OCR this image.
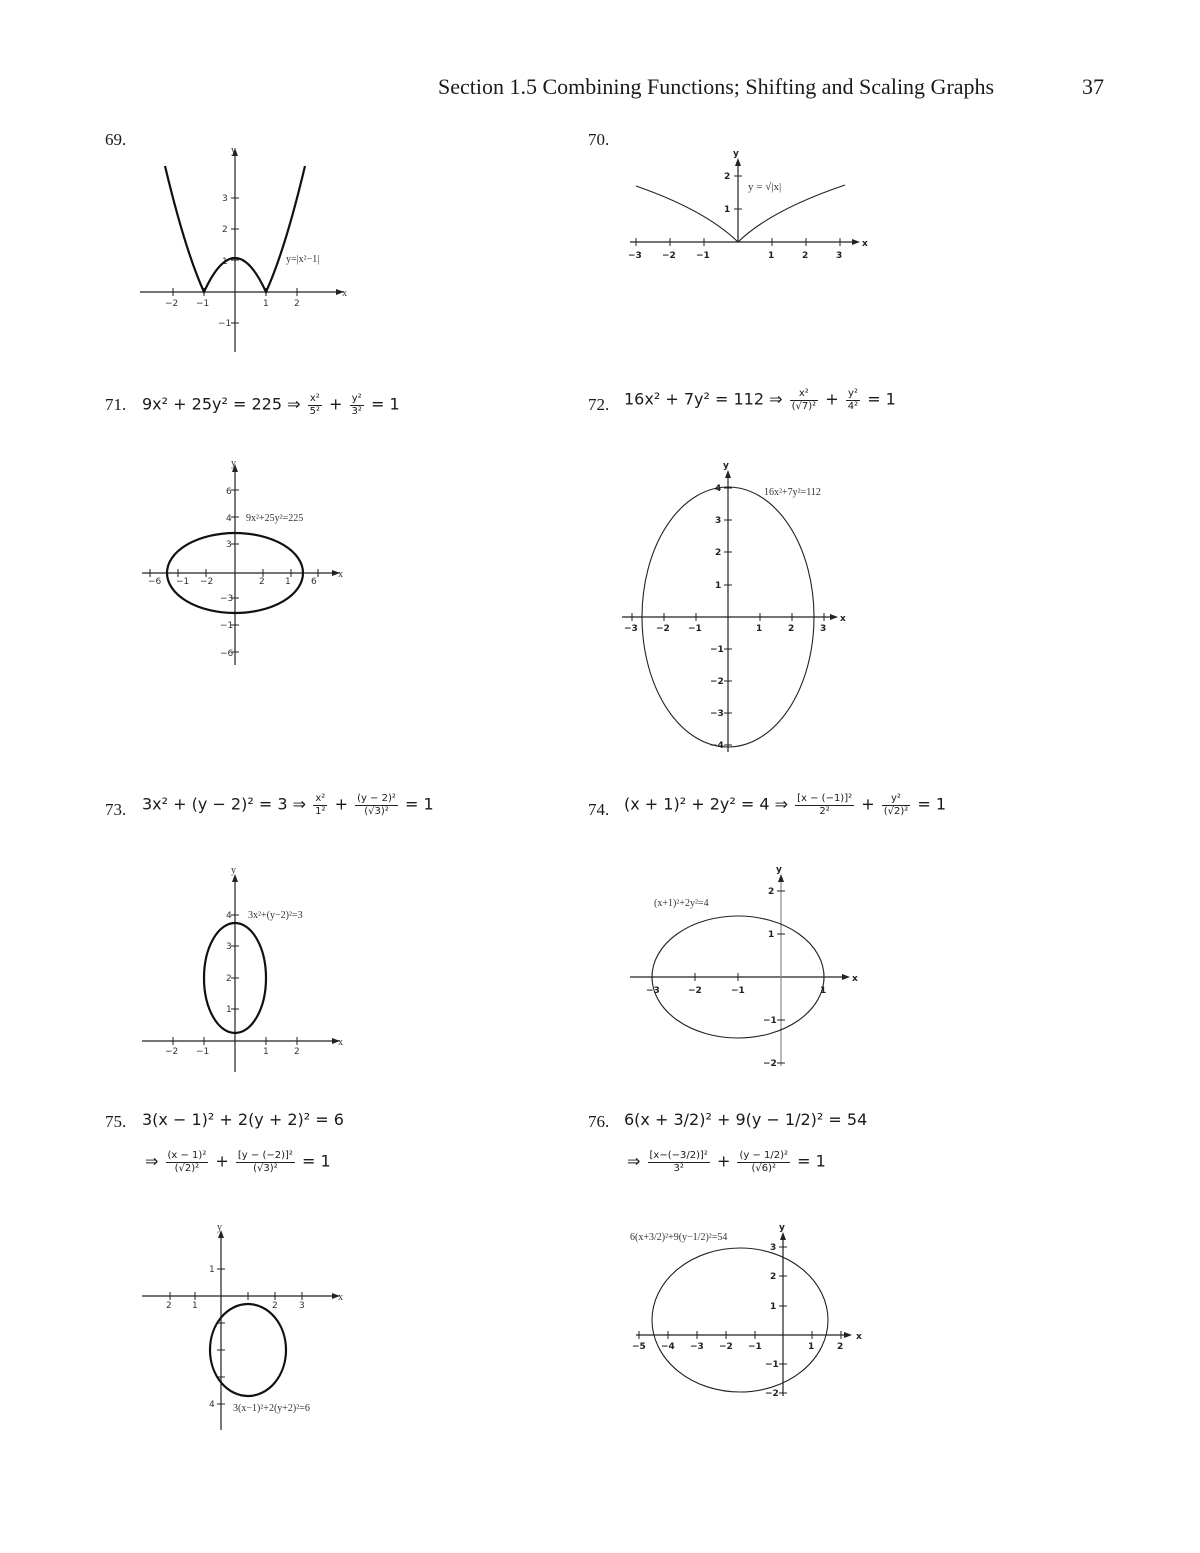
Section 1.5 Combining Functions; Shifting and Scaling Graphs	37
69.
x
y
−2 −1	1	2
3
2
1
−1
y=|x²−1|
70.
x
y
−3 −2 −1	1	2	3
2
1
y = √|x|
71. 9x² + 25y² = 225 ⇒ $\frac{\text{x²}}{\text{5²}} + \frac{\text{y²}}{\text{3²}} = 1$
x
y
−6 −1 −2	2 1 6
6
4
3
−3
−1
−6
9x²+25y²=225
72. 16x² + 7y² = 112 ⇒ $\frac{\text{x²}}{\text{(√7)²}} + \frac{\text{y²}}{\text{4²}} = 1$
x
y
−3 −2 −1	1	2	3
4
3
2
1
−1
−2
−3
−4
16x²+7y²=112
73. 3x² + (y − 2)² = 3 ⇒ $\frac{\text{x²}}{\text{1²}} + \frac{\text{(y − 2)²}}{\text{(√3)²}} = 1$
x
y
−2 −1	1	2
4
3
2
1
3x²+(y−2)²=3
74. (x + 1)² + 2y² = 4 ⇒ $\frac{\text{[x − (−1)]²}}{\text{2²}} + \frac{\text{y²}}{\text{(√2)²}} = 1$
x
y
−3	−2	−1	1
2
1
−1
−2
(x+1)²+2y²=4
75. 3(x − 1)² + 2(y + 2)² = 6
⇒ $\frac{\text{(x − 1)²}}{\text{(√2)²}} + \frac{\text{[y − (−2)]²}}{\text{(√3)²}} = 1$
x
y
2 1	2 3
1
4 3(x−1)²+2(y+2)²=6
76. 6(x + 3/2)² + 9(y − 1/2)² = 54
⇒ $\frac{\text{[x−(−3/2)]²}}{\text{3²}} + \frac{\text{(y − 1/2)²}}{\text{(√6)²}} = 1$
x
y
−5 −4 −3 −2 −1	1	2
3
2
1
−1
−2
6(x+3/2)²+9(y−1/2)²=54
